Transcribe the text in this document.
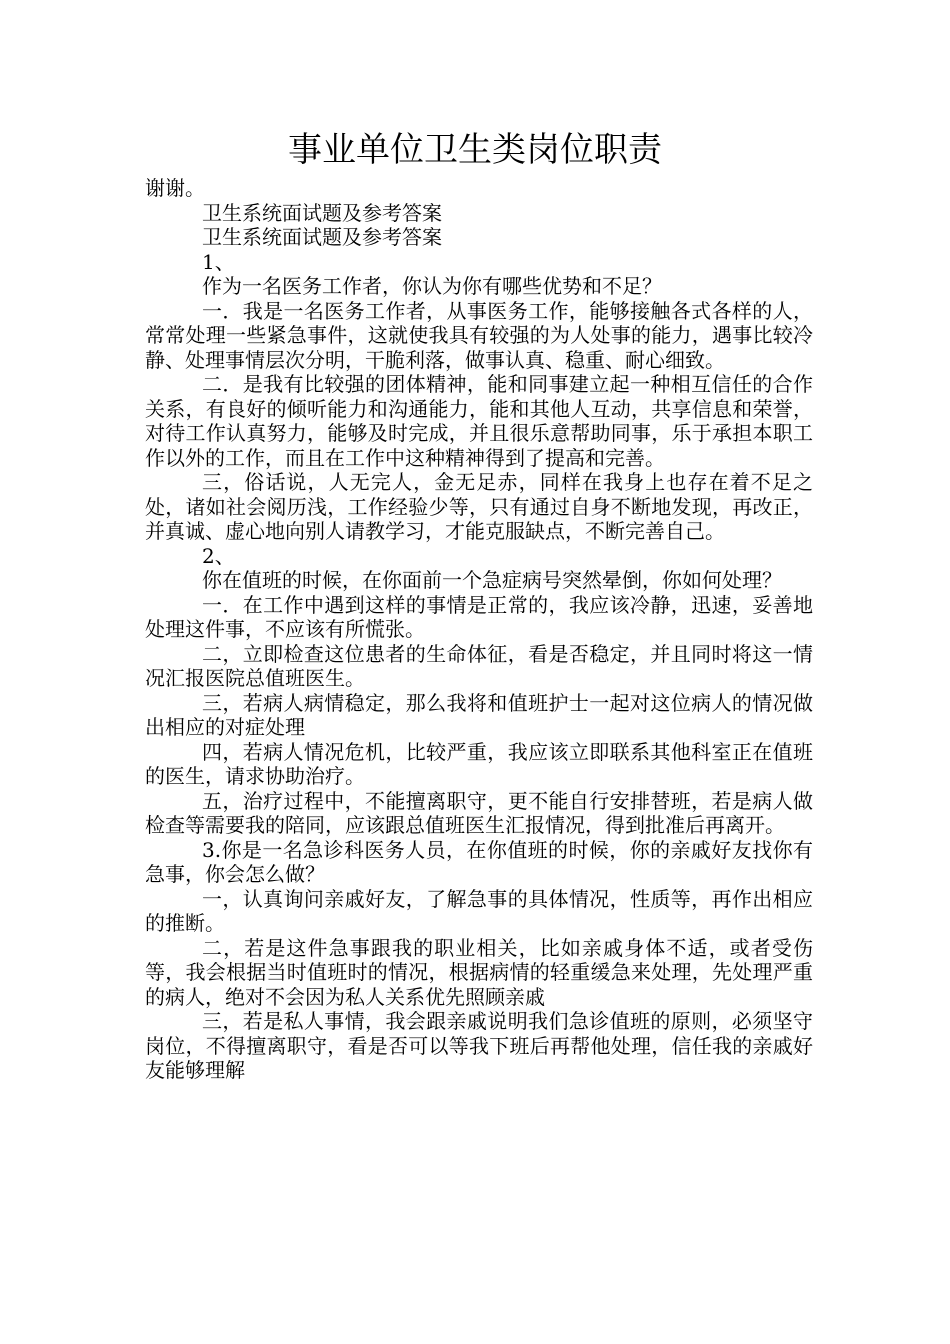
事业单位卫生类岗位职责

谢谢。

卫生系统面试题及参考答案

卫生系统面试题及参考答案

1、

作为一名医务工作者，你认为你有哪些优势和不足？

一．我是一名医务工作者，从事医务工作，能够接触各式各样的人，常常处理一些紧急事件，这就使我具有较强的为人处事的能力，遇事比较冷静、处理事情层次分明，干脆利落，做事认真、稳重、耐心细致。

二．是我有比较强的团体精神，能和同事建立起一种相互信任的合作关系，有良好的倾听能力和沟通能力，能和其他人互动，共享信息和荣誉，对待工作认真努力，能够及时完成，并且很乐意帮助同事，乐于承担本职工作以外的工作，而且在工作中这种精神得到了提高和完善。

三，俗话说，人无完人，金无足赤，同样在我身上也存在着不足之处，诸如社会阅历浅，工作经验少等，只有通过自身不断地发现，再改正，并真诚、虚心地向别人请教学习，才能克服缺点，不断完善自己。

2、

你在值班的时候，在你面前一个急症病号突然晕倒，你如何处理？

一．在工作中遇到这样的事情是正常的，我应该冷静，迅速，妥善地处理这件事，不应该有所慌张。

二，立即检查这位患者的生命体征，看是否稳定，并且同时将这一情况汇报医院总值班医生。

三，若病人病情稳定，那么我将和值班护士一起对这位病人的情况做出相应的对症处理

四，若病人情况危机，比较严重，我应该立即联系其他科室正在值班的医生，请求协助治疗。

五，治疗过程中，不能擅离职守，更不能自行安排替班，若是病人做检查等需要我的陪同，应该跟总值班医生汇报情况，得到批准后再离开。

3.你是一名急诊科医务人员，在你值班的时候，你的亲戚好友找你有急事，你会怎么做？

一，认真询问亲戚好友，了解急事的具体情况，性质等，再作出相应的推断。

二，若是这件急事跟我的职业相关，比如亲戚身体不适，或者受伤等，我会根据当时值班时的情况，根据病情的轻重缓急来处理，先处理严重的病人，绝对不会因为私人关系优先照顾亲戚

三，若是私人事情，我会跟亲戚说明我们急诊值班的原则，必须坚守岗位，不得擅离职守，看是否可以等我下班后再帮他处理，信任我的亲戚好友能够理解
